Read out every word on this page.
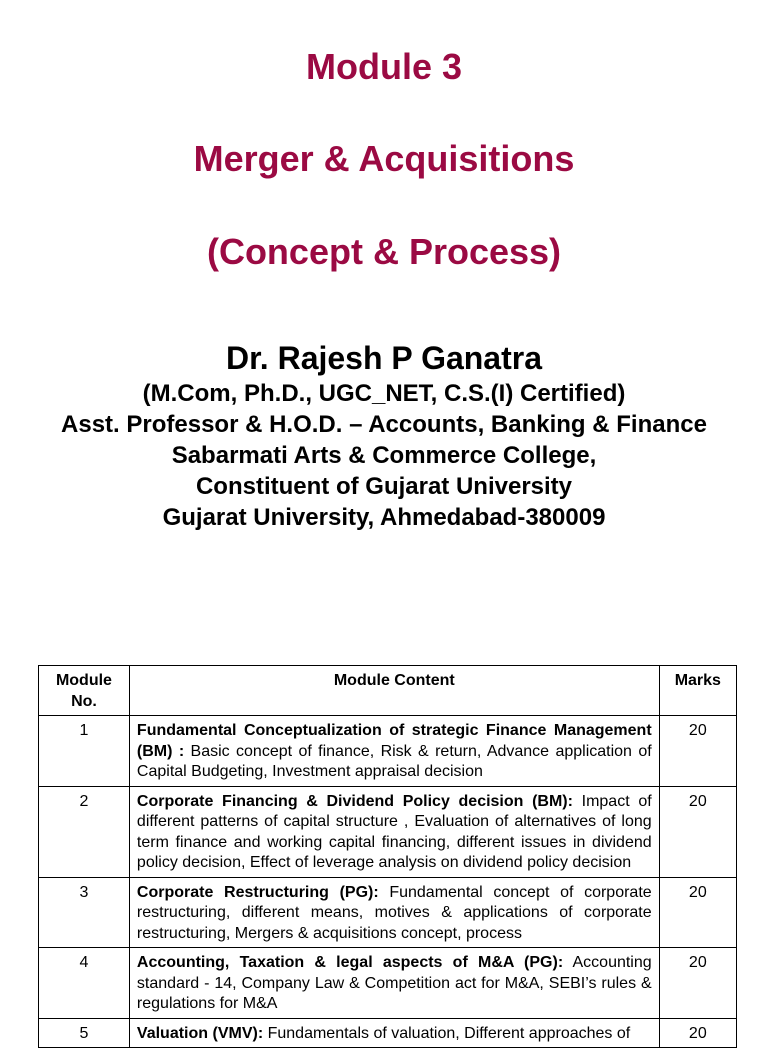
Module 3
Merger & Acquisitions
(Concept & Process)
Dr. Rajesh P Ganatra
(M.Com, Ph.D., UGC_NET, C.S.(I) Certified)
Asst. Professor & H.O.D. – Accounts, Banking & Finance
Sabarmati Arts & Commerce College,
Constituent of Gujarat University
Gujarat University, Ahmedabad-380009
Module No.	Module Content	Marks
1	Fundamental Conceptualization of strategic Finance Management (BM) : Basic concept of finance, Risk & return, Advance application of Capital Budgeting, Investment appraisal decision	20
2	Corporate Financing & Dividend Policy decision (BM): Impact of different patterns of capital structure , Evaluation of alternatives of long term finance and working capital financing, different issues in dividend policy decision, Effect of leverage analysis on dividend policy decision	20
3	Corporate Restructuring (PG): Fundamental concept of corporate restructuring, different means, motives & applications of corporate restructuring, Mergers & acquisitions concept, process	20
4	Accounting, Taxation & legal aspects of M&A (PG): Accounting standard - 14, Company Law & Competition act for M&A, SEBI’s rules & regulations for M&A	20
5	Valuation (VMV): Fundamentals of valuation, Different approaches of	20
